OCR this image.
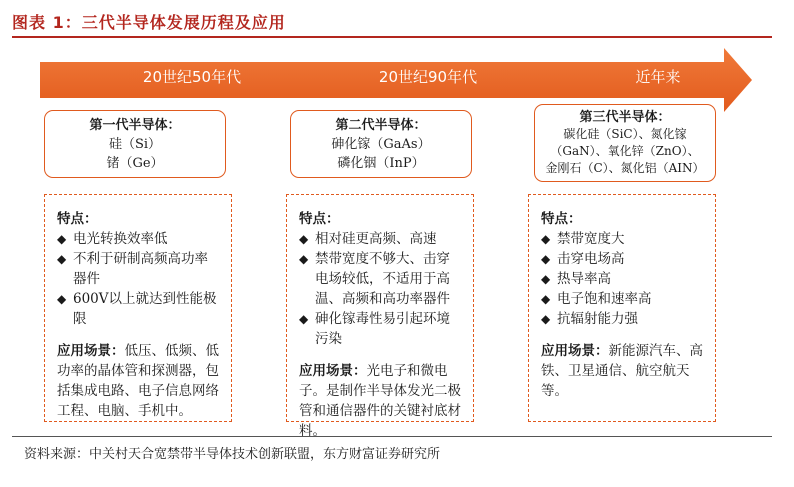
图表 1：三代半导体发展历程及应用
20世纪50年代	20世纪90年代	近年来
第一代半导体：
硅（Si）
锗（Ge）
第二代半导体：
砷化镓（GaAs）
磷化铟（InP）
第三代半导体：
碳化硅（SiC）、氮化镓
（GaN）、氧化锌（ZnO）、
金刚石（C）、氮化铝（AIN）
特点：
◆ 电光转换效率低
◆ 不利于研制高频高功率器件
◆ 600V以上就达到性能极限
应用场景：低压、低频、低功率的晶体管和探测器，包括集成电路、电子信息网络工程、电脑、手机中。
特点：
◆ 相对硅更高频、高速
◆ 禁带宽度不够大、击穿电场较低，不适用于高温、高频和高功率器件
◆ 砷化镓毒性易引起环境污染
应用场景：光电子和微电子。是制作半导体发光二极管和通信器件的关键衬底材料。
特点：
◆ 禁带宽度大
◆ 击穿电场高
◆ 热导率高
◆ 电子饱和速率高
◆ 抗辐射能力强
应用场景：新能源汽车、高铁、卫星通信、航空航天等。
资料来源：中关村天合宽禁带半导体技术创新联盟，东方财富证券研究所
